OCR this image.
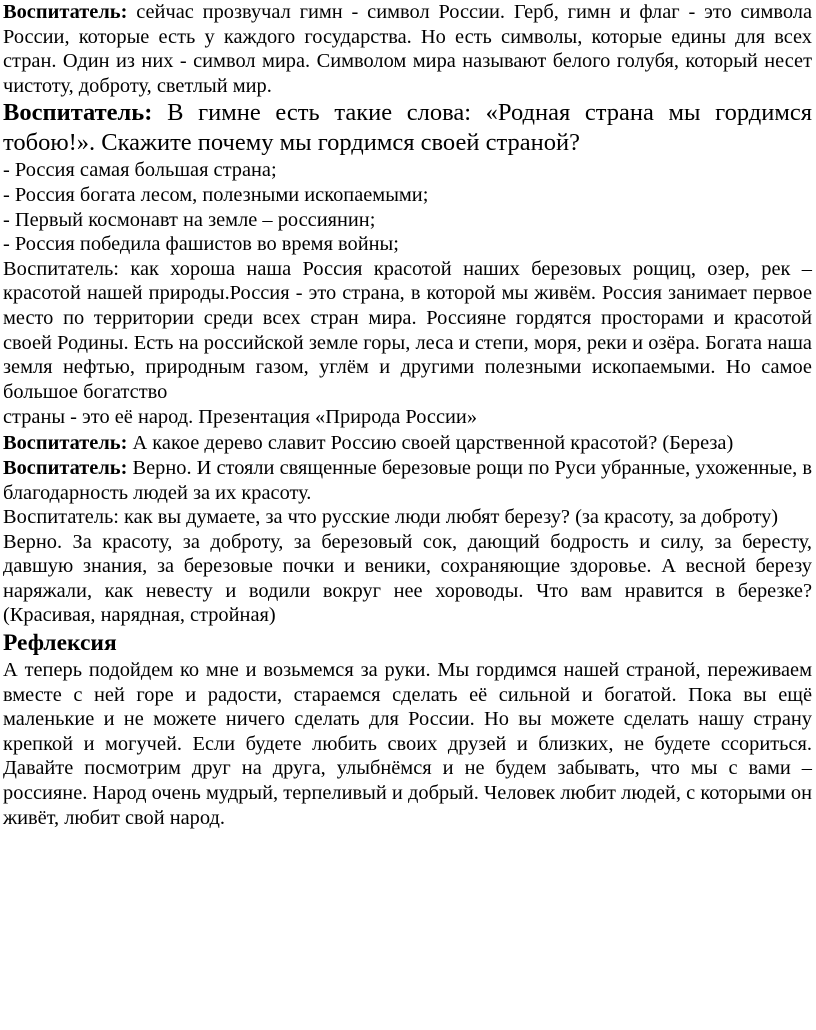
Воспитатель: сейчас прозвучал гимн - символ России. Герб, гимн и флаг - это символа России, которые есть у каждого государства. Но есть символы, которые едины для всех стран. Один из них - символ мира. Символом мира называют белого голубя, который несет чистоту, доброту, светлый мир.

Воспитатель: В гимне есть такие слова: «Родная страна мы гордимся тобою!». Скажите почему мы гордимся своей страной?

- Россия самая большая страна;

- Россия богата лесом, полезными ископаемыми;

- Первый космонавт на земле – россиянин;

- Россия победила фашистов во время войны;

Воспитатель: как хороша наша Россия красотой наших березовых рощиц, озер, рек – красотой нашей природы.Россия - это страна, в которой мы живём. Россия занимает первое место по территории среди всех стран мира. Россияне гордятся просторами и красотой своей Родины. Есть на российской земле горы, леса и степи, моря, реки и озёра. Богата наша земля нефтью, природным газом, углём и другими полезными ископаемыми. Но самое большое богатство

страны - это её народ. Презентация «Природа России»

Воспитатель: А какое дерево славит Россию своей царственной красотой? (Береза)

Воспитатель: Верно. И стояли священные березовые рощи по Руси убранные, ухоженные, в благодарность людей за их красоту.

Воспитатель: как вы думаете, за что русские люди любят березу? (за красоту, за доброту)

Верно. За красоту, за доброту, за березовый сок, дающий бодрость и силу, за бересту, давшую знания, за березовые почки и веники, сохраняющие здоровье. А весной березу наряжали, как невесту и водили вокруг нее хороводы. Что вам нравится в березке? (Красивая, нарядная, стройная)

Рефлексия

А теперь подойдем ко мне и возьмемся за руки. Мы гордимся нашей страной, переживаем вместе с ней горе и радости, стараемся сделать её сильной и богатой. Пока вы ещё маленькие и не можете ничего сделать для России. Но вы можете сделать нашу страну крепкой и могучей. Если будете любить своих друзей и близких, не будете ссориться. Давайте посмотрим друг на друга, улыбнёмся и не будем забывать, что мы с вами – россияне. Народ очень мудрый, терпеливый и добрый. Человек любит людей, с которыми он живёт, любит свой народ.
